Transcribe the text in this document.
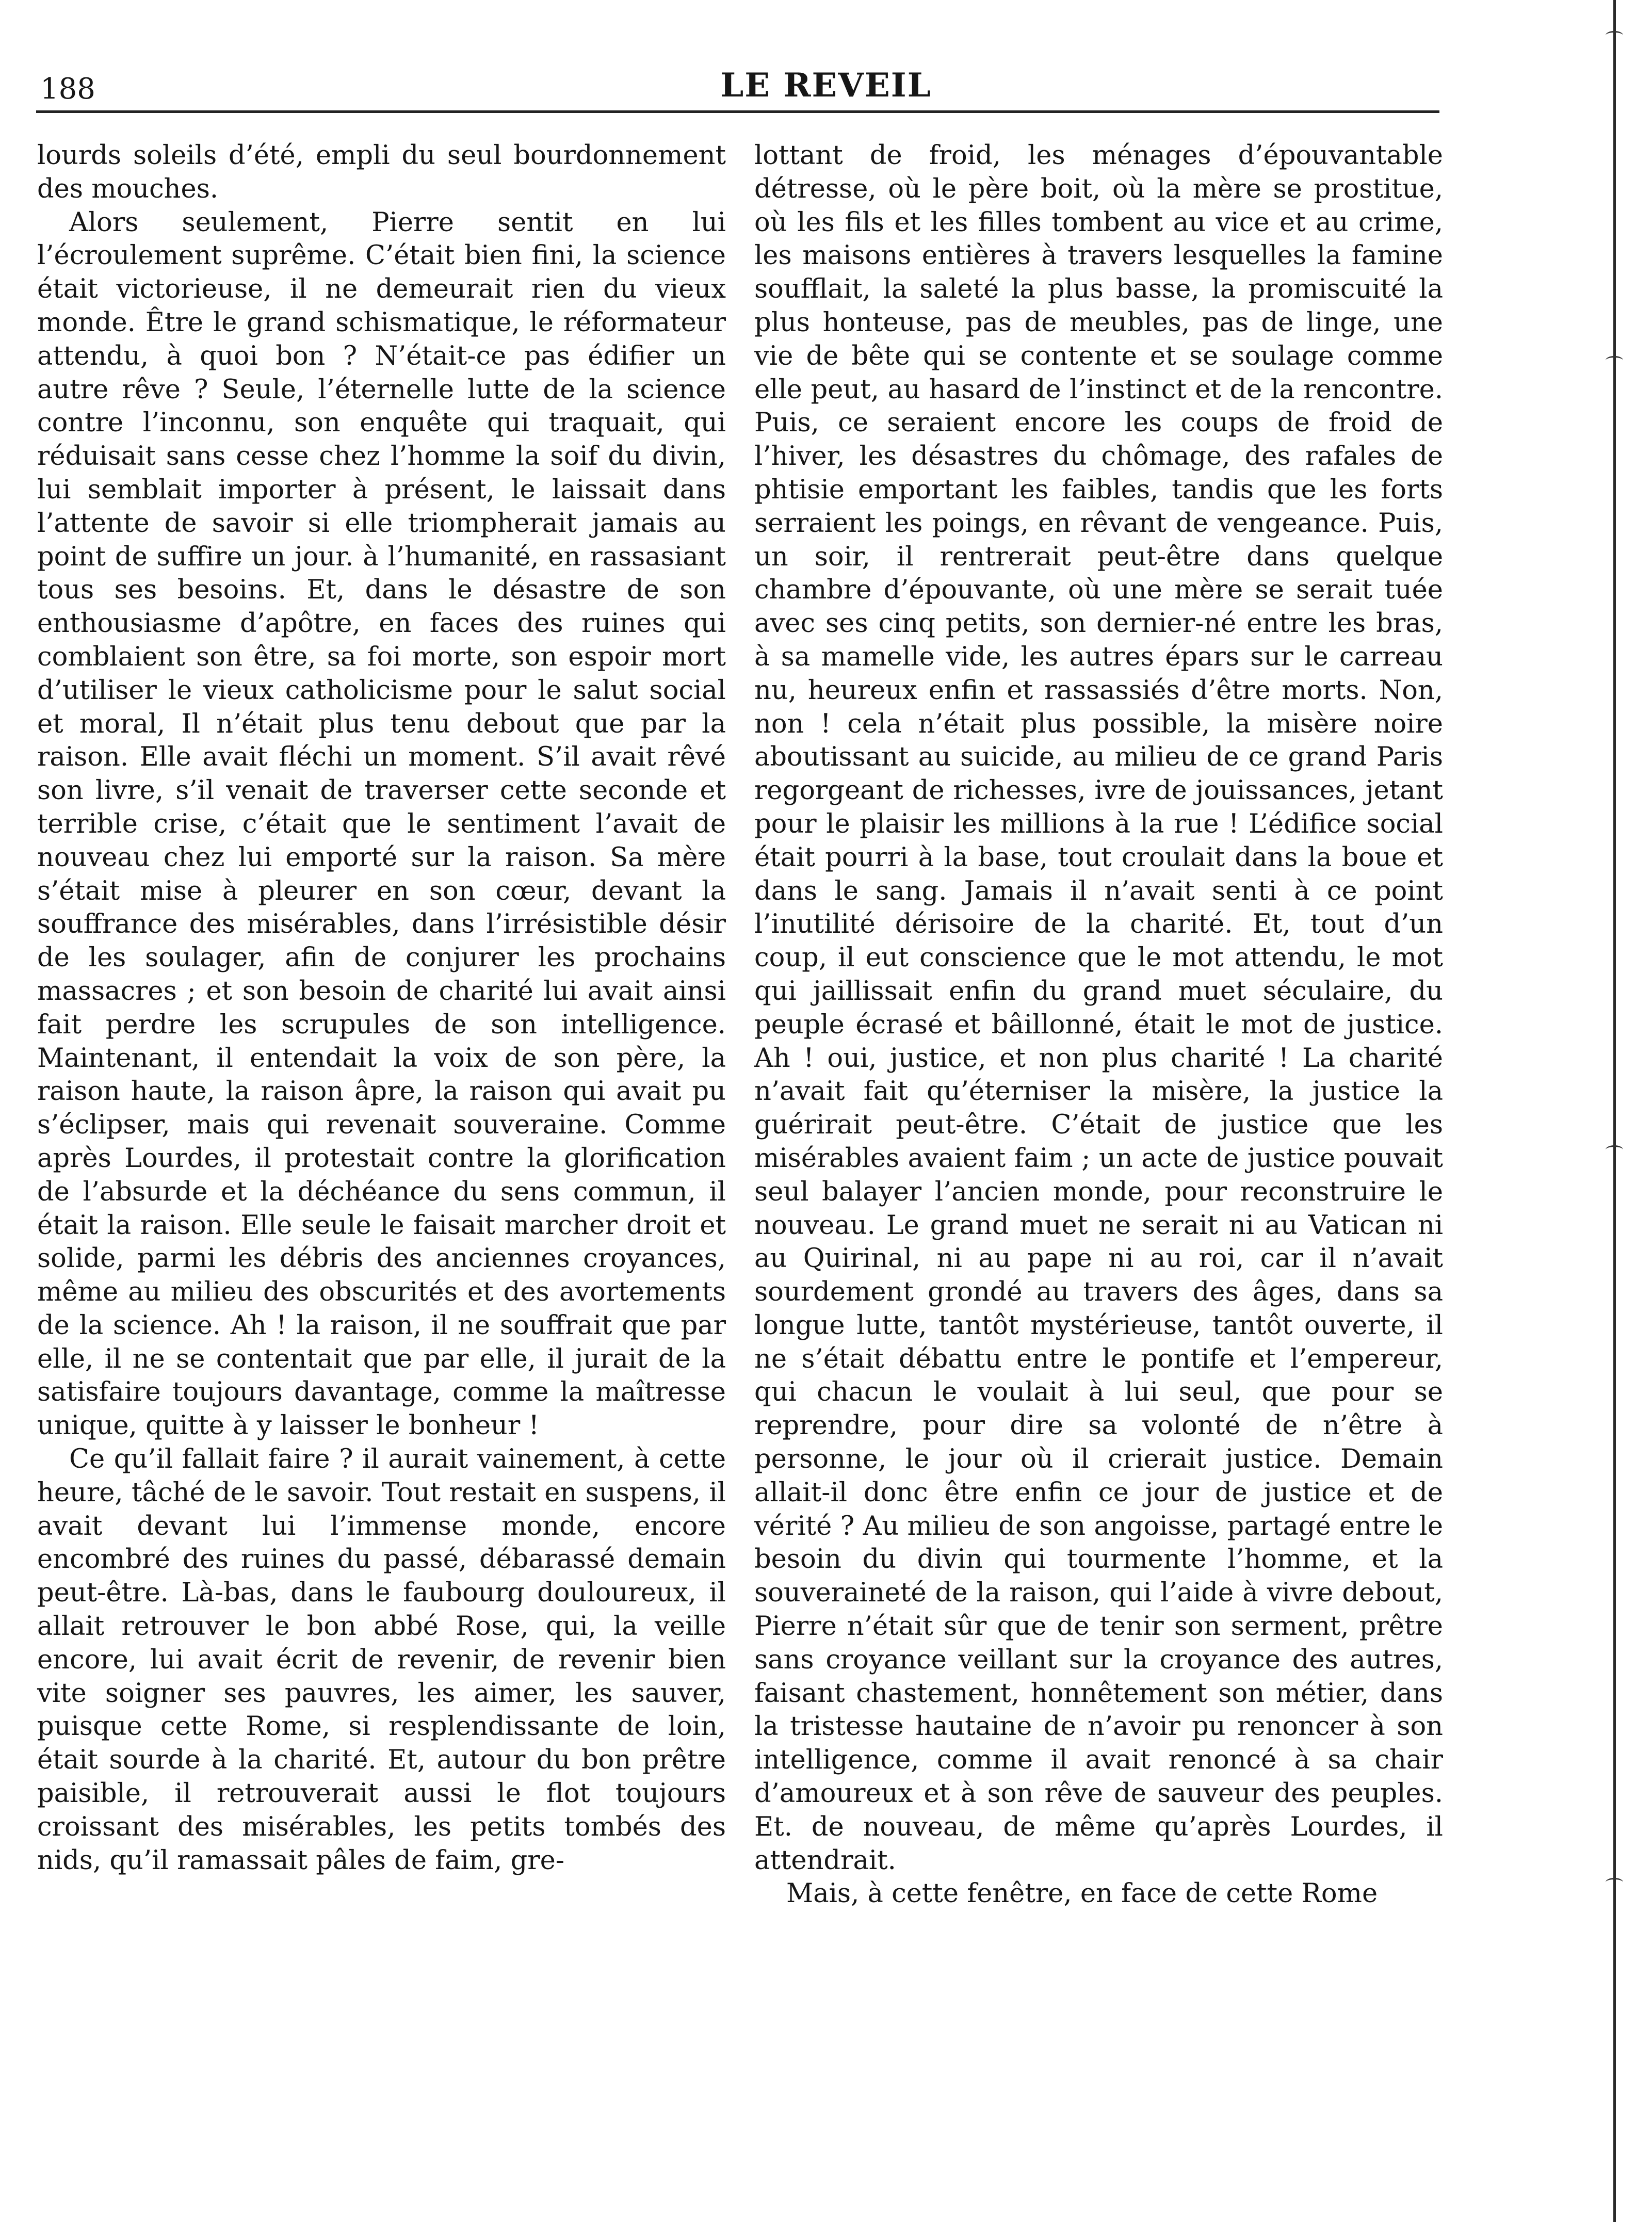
188	LE REVEIL

lourds soleils d’été, empli du seul bourdonnement des mouches.

Alors seulement, Pierre sentit en lui l’écroulement suprême. C’était bien fini, la science était victorieuse, il ne demeurait rien du vieux monde. Être le grand schismatique, le réformateur attendu, à quoi bon ? N’était-ce pas édifier un autre rêve ? Seule, l’éternelle lutte de la science contre l’inconnu, son enquête qui traquait, qui réduisait sans cesse chez l’homme la soif du divin, lui semblait importer à présent, le laissait dans l’attente de savoir si elle triompherait jamais au point de suffire un jour. à l’humanité, en rassasiant tous ses besoins. Et, dans le désastre de son enthousiasme d’apôtre, en faces des ruines qui comblaient son être, sa foi morte, son espoir mort d’utiliser le vieux catholicisme pour le salut social et moral, Il n’était plus tenu debout que par la raison. Elle avait fléchi un moment. S’il avait rêvé son livre, s’il venait de traverser cette seconde et terrible crise, c’était que le sentiment l’avait de nouveau chez lui emporté sur la raison. Sa mère s’était mise à pleurer en son cœur, devant la souffrance des misérables, dans l’irrésistible désir de les soulager, afin de conjurer les prochains massacres ; et son besoin de charité lui avait ainsi fait perdre les scrupules de son intelligence. Maintenant, il entendait la voix de son père, la raison haute, la raison âpre, la raison qui avait pu s’éclipser, mais qui revenait souveraine. Comme après Lourdes, il protestait contre la glorification de l’absurde et la déchéance du sens commun, il était la raison. Elle seule le faisait marcher droit et solide, parmi les débris des anciennes croyances, même au milieu des obscurités et des avortements de la science. Ah ! la raison, il ne souffrait que par elle, il ne se contentait que par elle, il jurait de la satisfaire toujours davantage, comme la maîtresse unique, quitte à y laisser le bonheur !

Ce qu’il fallait faire ? il aurait vainement, à cette heure, tâché de le savoir. Tout restait en suspens, il avait devant lui l’immense monde, encore encombré des ruines du passé, débarassé demain peut-être. Là-bas, dans le faubourg douloureux, il allait retrouver le bon abbé Rose, qui, la veille encore, lui avait écrit de revenir, de revenir bien vite soigner ses pauvres, les aimer, les sauver, puisque cette Rome, si resplendissante de loin, était sourde à la charité. Et, autour du bon prêtre paisible, il retrouverait aussi le flot toujours croissant des misérables, les petits tombés des nids, qu’il ramassait pâles de faim, gre-

lottant de froid, les ménages d’épouvantable détresse, où le père boit, où la mère se prostitue, où les fils et les filles tombent au vice et au crime, les maisons entières à travers lesquelles la famine soufflait, la saleté la plus basse, la promiscuité la plus honteuse, pas de meubles, pas de linge, une vie de bête qui se contente et se soulage comme elle peut, au hasard de l’instinct et de la rencontre. Puis, ce seraient encore les coups de froid de l’hiver, les désastres du chômage, des rafales de phtisie emportant les faibles, tandis que les forts serraient les poings, en rêvant de vengeance. Puis, un soir, il rentrerait peut-être dans quelque chambre d’épouvante, où une mère se serait tuée avec ses cinq petits, son dernier-né entre les bras, à sa mamelle vide, les autres épars sur le carreau nu, heureux enfin et rassassiés d’être morts. Non, non ! cela n’était plus possible, la misère noire aboutissant au suicide, au milieu de ce grand Paris regorgeant de richesses, ivre de jouissances, jetant pour le plaisir les millions à la rue ! L’édifice social était pourri à la base, tout croulait dans la boue et dans le sang. Jamais il n’avait senti à ce point l’inutilité dérisoire de la charité. Et, tout d’un coup, il eut conscience que le mot attendu, le mot qui jaillissait enfin du grand muet séculaire, du peuple écrasé et bâillonné, était le mot de justice. Ah ! oui, justice, et non plus charité ! La charité n’avait fait qu’éterniser la misère, la justice la guérirait peut-être. C’était de justice que les misérables avaient faim ; un acte de justice pouvait seul balayer l’ancien monde, pour reconstruire le nouveau. Le grand muet ne serait ni au Vatican ni au Quirinal, ni au pape ni au roi, car il n’avait sourdement grondé au travers des âges, dans sa longue lutte, tantôt mystérieuse, tantôt ouverte, il ne s’était débattu entre le pontife et l’empereur, qui chacun le voulait à lui seul, que pour se reprendre, pour dire sa volonté de n’être à personne, le jour où il crierait justice. Demain allait-il donc être enfin ce jour de justice et de vérité ? Au milieu de son angoisse, partagé entre le besoin du divin qui tourmente l’homme, et la souveraineté de la raison, qui l’aide à vivre debout, Pierre n’était sûr que de tenir son serment, prêtre sans croyance veillant sur la croyance des autres, faisant chastement, honnêtement son métier, dans la tristesse hautaine de n’avoir pu renoncer à son intelligence, comme il avait renoncé à sa chair d’amoureux et à son rêve de sauveur des peuples. Et. de nouveau, de même qu’après Lourdes, il attendrait.

Mais, à cette fenêtre, en face de cette Rome
